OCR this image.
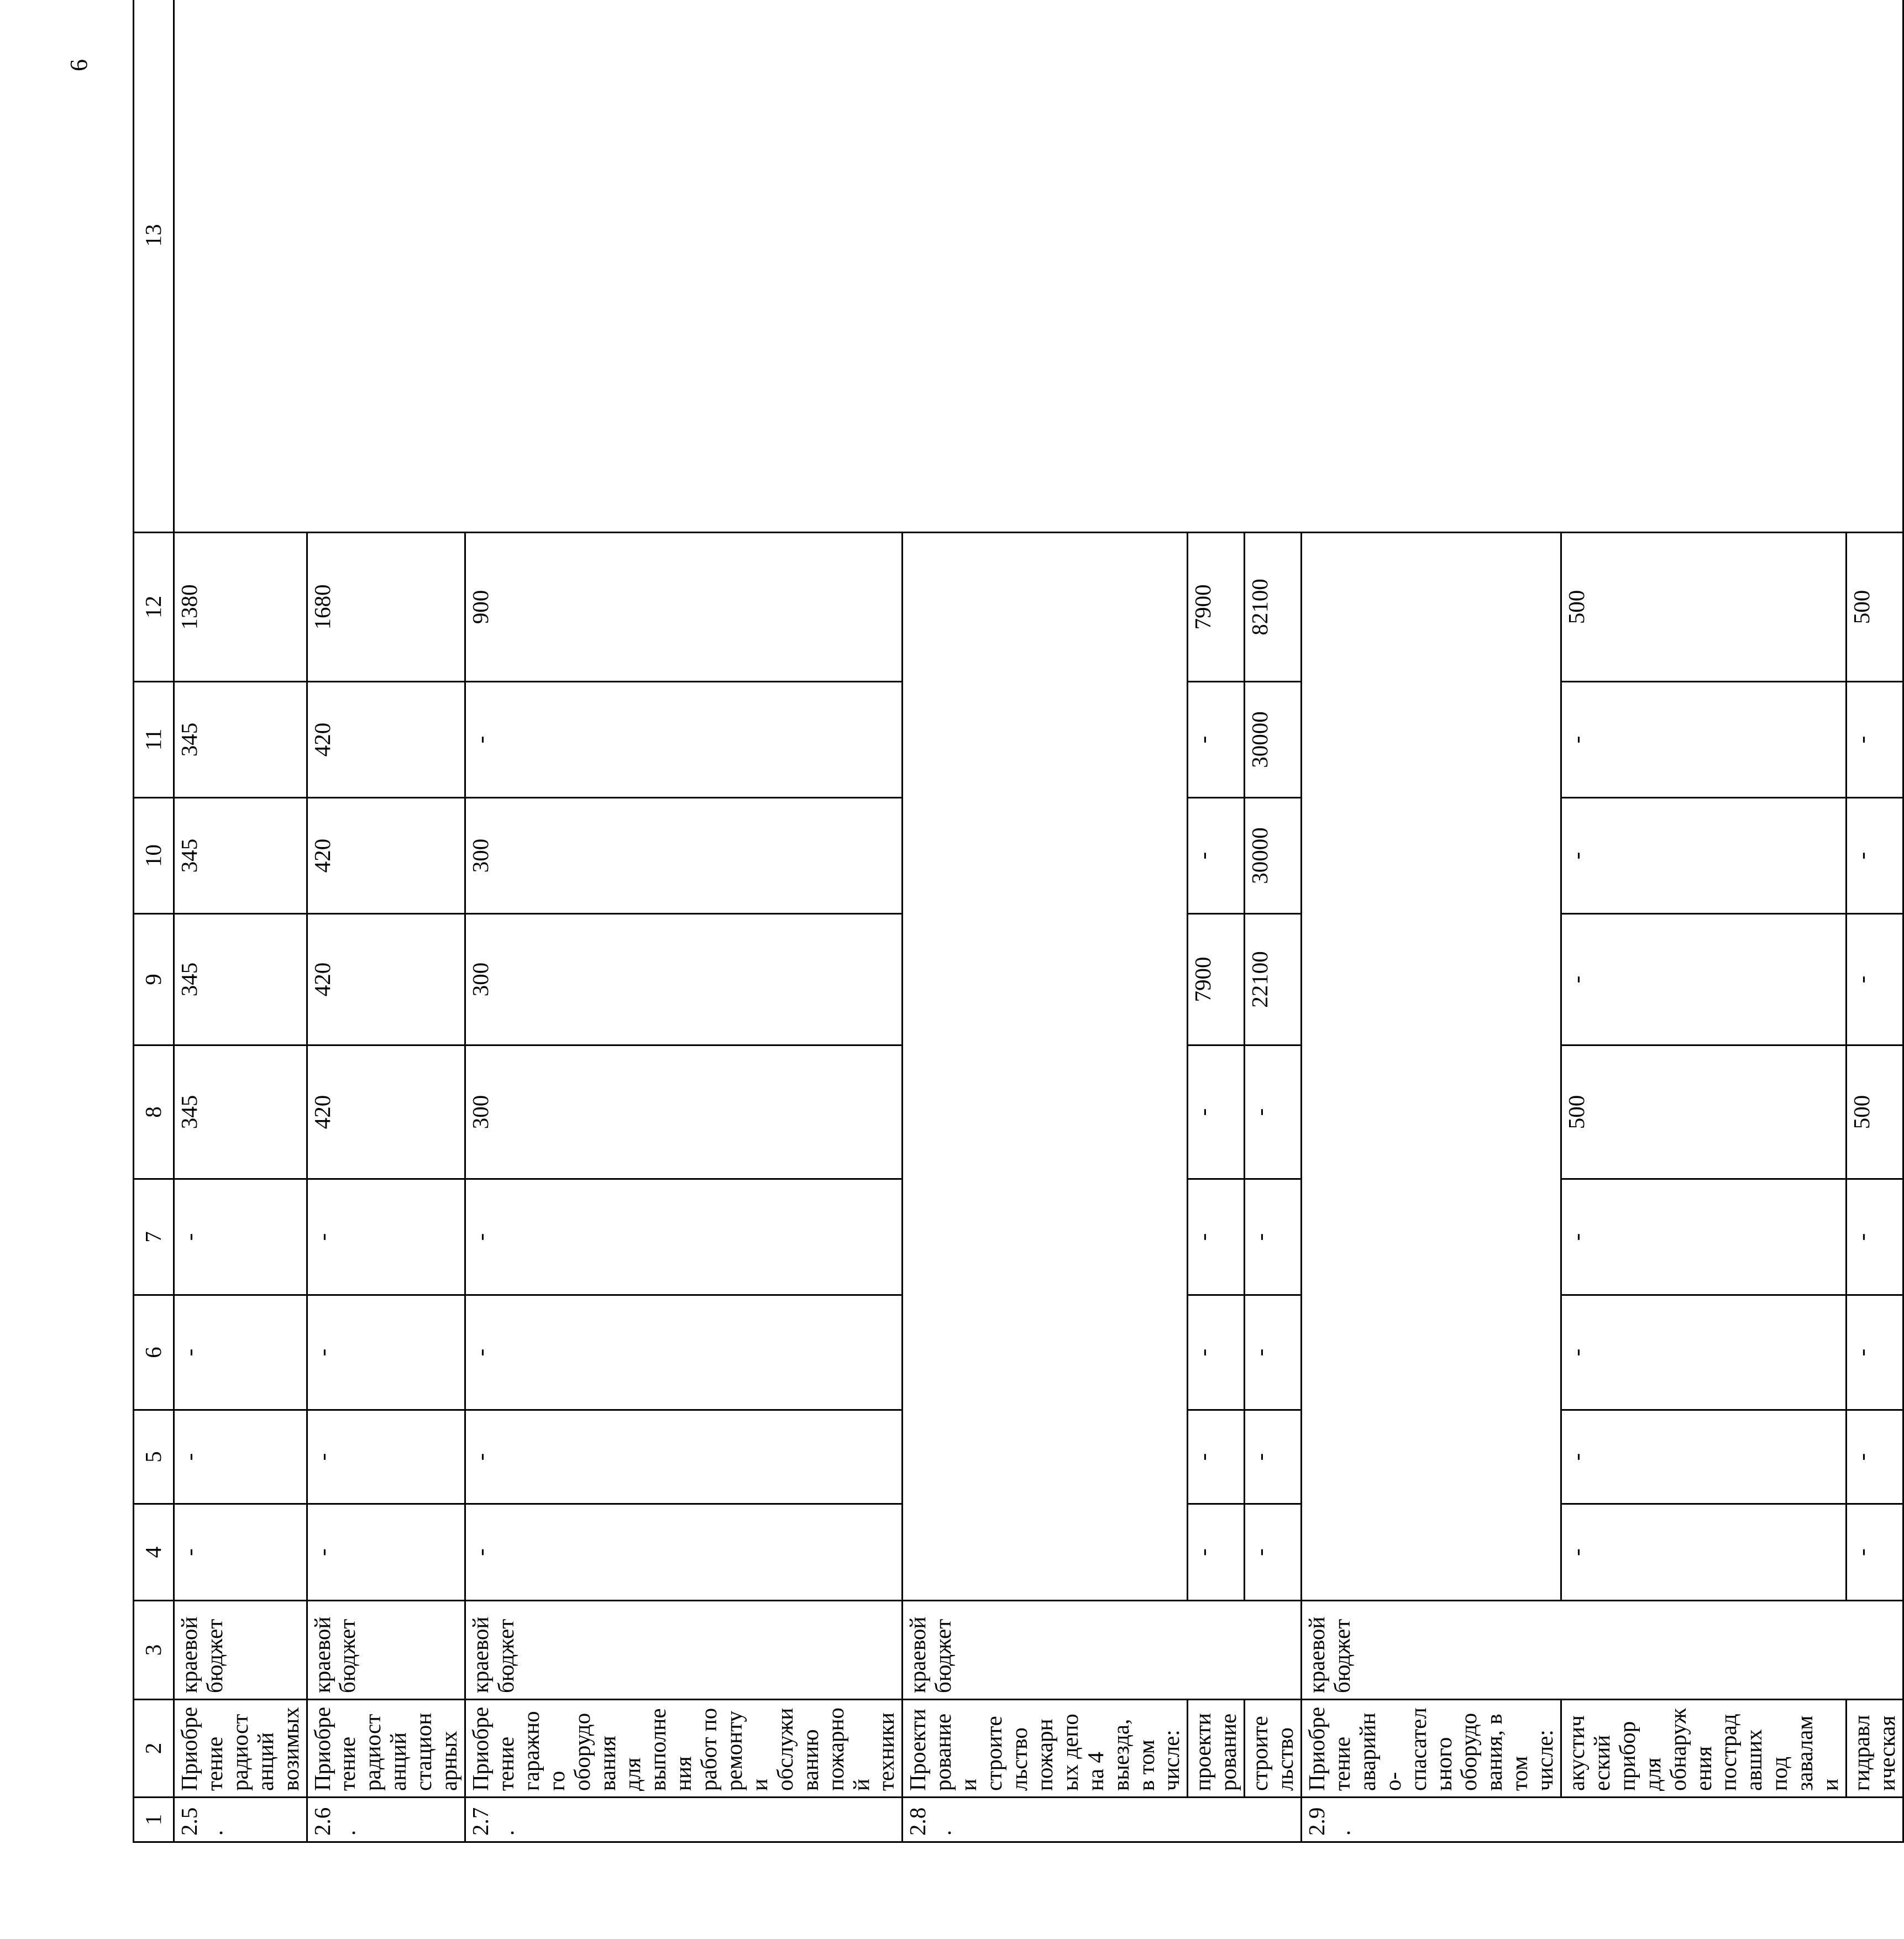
6
1	2	3	4	5	6	7	8	9	10	11	12	13
2.5.	Приобретение радиостанций возимых	краевой бюджет	-	-	-	-	345	345	345	345	1380	
2.6.	Приобретение радиостанций стационарных	краевой бюджет	-	-	-	-	420	420	420	420	1680	
2.7.	Приобретение гаражного оборудования для выполнения работ по ремонту и обслуживанию пожарной техники	краевой бюджет	-	-	-	-	300	300	300	-	900	
2.8.	Проектирование и строительство пожарных депо на 4 выезда, в том числе:	краевой бюджет										
	проектирование		-	-	-	-	-	7900	-	-	7900	
	строительство		-	-	-	-	-	22100	30000	30000	82100	
2.9.	Приобретение аварийно-спасательного оборудования, в том числе:	краевой бюджет										
	акустический прибор для обнаружения пострадавших под завалами		-	-	-	-	500	-	-	-	500	
	гидравлическая		-	-	-	-	500	-	-	-	500	
